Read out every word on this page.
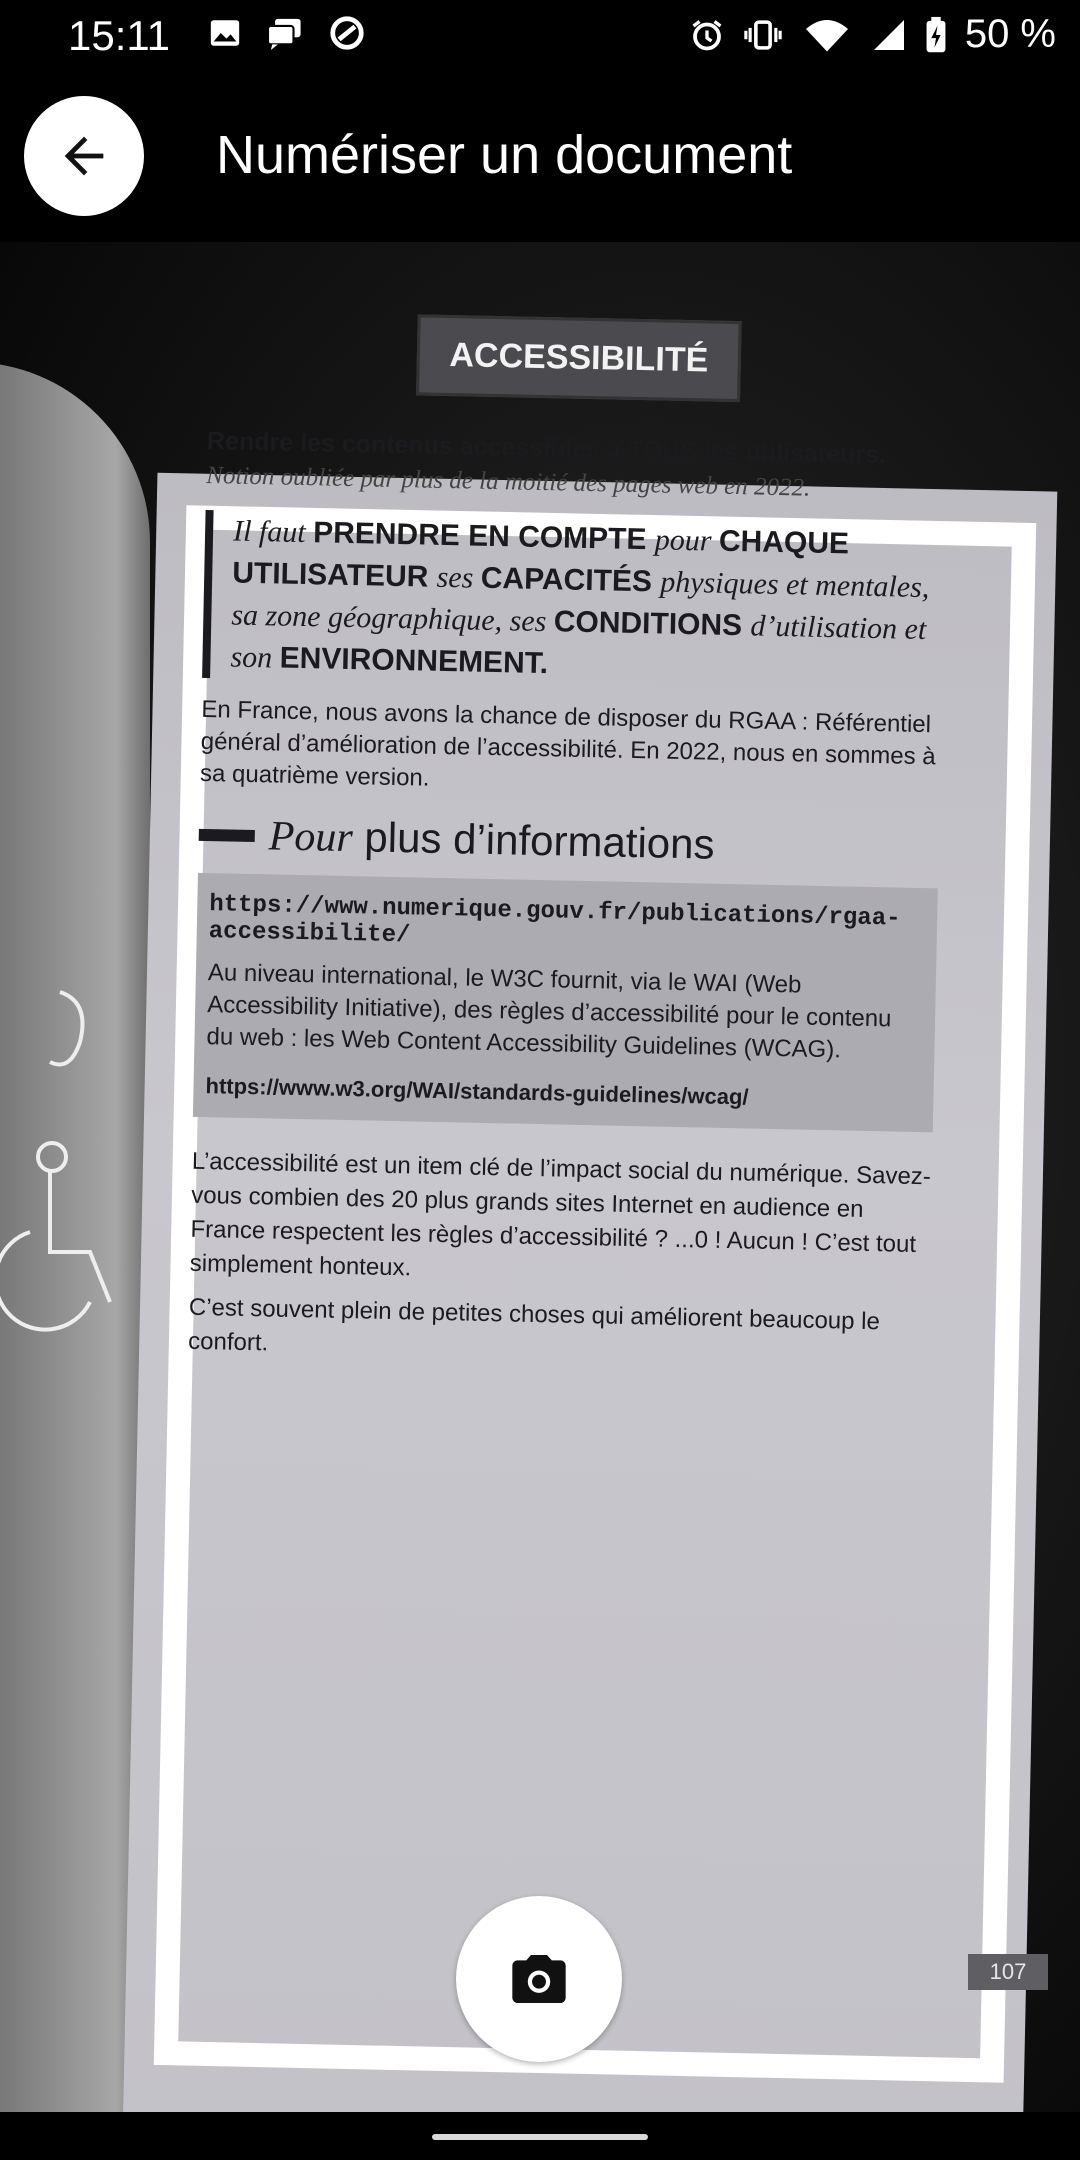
15:11	50 %
Numériser un document
ACCESSIBILITÉ
Rendre les contenus accessibles à TOUS les utilisateurs.
Notion oubliée par plus de la moitié des pages web en 2022.
Il faut PRENDRE EN COMPTE pour CHAQUE UTILISATEUR ses CAPACITÉS physiques et mentales, sa zone géographique, ses CONDITIONS d’utilisation et son ENVIRONNEMENT.
En France, nous avons la chance de disposer du RGAA : Référentiel général d’amélioration de l’accessibilité. En 2022, nous en sommes à sa quatrième version.
Pour plus d’informations
https://www.numerique.gouv.fr/publications/rgaa-accessibilite/
Au niveau international, le W3C fournit, via le WAI (Web Accessibility Initiative), des règles d’accessibilité pour le contenu du web : les Web Content Accessibility Guidelines (WCAG).
https://www.w3.org/WAI/standards-guidelines/wcag/
L’accessibilité est un item clé de l’impact social du numérique. Savez-vous combien des 20 plus grands sites Internet en audience en France respectent les règles d’accessibilité ? ...0 ! Aucun ! C’est tout simplement honteux.
C’est souvent plein de petites choses qui améliorent beaucoup le confort.
107
